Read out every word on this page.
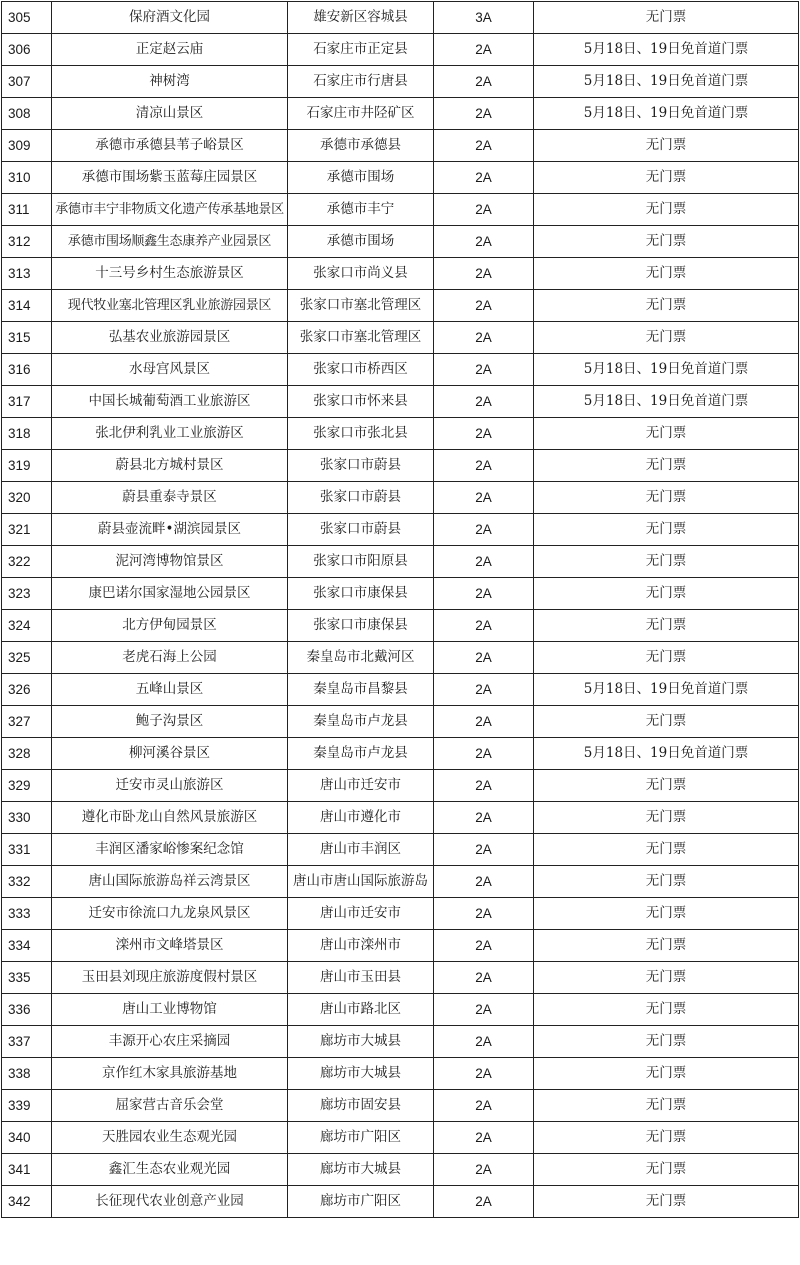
305	保府酒文化园	雄安新区容城县	3A	无门票
306	正定赵云庙	石家庄市正定县	2A	5月18日、19日免首道门票
307	神树湾	石家庄市行唐县	2A	5月18日、19日免首道门票
308	清凉山景区	石家庄市井陉矿区	2A	5月18日、19日免首道门票
309	承德市承德县苇子峪景区	承德市承德县	2A	无门票
310	承德市围场紫玉蓝莓庄园景区	承德市围场	2A	无门票
311	承德市丰宁非物质文化遗产传承基地景区	承德市丰宁	2A	无门票
312	承德市围场顺鑫生态康养产业园景区	承德市围场	2A	无门票
313	十三号乡村生态旅游景区	张家口市尚义县	2A	无门票
314	现代牧业塞北管理区乳业旅游园景区	张家口市塞北管理区	2A	无门票
315	弘基农业旅游园景区	张家口市塞北管理区	2A	无门票
316	水母宫风景区	张家口市桥西区	2A	5月18日、19日免首道门票
317	中国长城葡萄酒工业旅游区	张家口市怀来县	2A	5月18日、19日免首道门票
318	张北伊利乳业工业旅游区	张家口市张北县	2A	无门票
319	蔚县北方城村景区	张家口市蔚县	2A	无门票
320	蔚县重泰寺景区	张家口市蔚县	2A	无门票
321	蔚县壶流畔•湖滨园景区	张家口市蔚县	2A	无门票
322	泥河湾博物馆景区	张家口市阳原县	2A	无门票
323	康巴诺尔国家湿地公园景区	张家口市康保县	2A	无门票
324	北方伊甸园景区	张家口市康保县	2A	无门票
325	老虎石海上公园	秦皇岛市北戴河区	2A	无门票
326	五峰山景区	秦皇岛市昌黎县	2A	5月18日、19日免首道门票
327	鲍子沟景区	秦皇岛市卢龙县	2A	无门票
328	柳河溪谷景区	秦皇岛市卢龙县	2A	5月18日、19日免首道门票
329	迁安市灵山旅游区	唐山市迁安市	2A	无门票
330	遵化市卧龙山自然风景旅游区	唐山市遵化市	2A	无门票
331	丰润区潘家峪惨案纪念馆	唐山市丰润区	2A	无门票
332	唐山国际旅游岛祥云湾景区	唐山市唐山国际旅游岛	2A	无门票
333	迁安市徐流口九龙泉风景区	唐山市迁安市	2A	无门票
334	滦州市文峰塔景区	唐山市滦州市	2A	无门票
335	玉田县刘现庄旅游度假村景区	唐山市玉田县	2A	无门票
336	唐山工业博物馆	唐山市路北区	2A	无门票
337	丰源开心农庄采摘园	廊坊市大城县	2A	无门票
338	京作红木家具旅游基地	廊坊市大城县	2A	无门票
339	屈家营古音乐会堂	廊坊市固安县	2A	无门票
340	天胜园农业生态观光园	廊坊市广阳区	2A	无门票
341	鑫汇生态农业观光园	廊坊市大城县	2A	无门票
342	长征现代农业创意产业园	廊坊市广阳区	2A	无门票
